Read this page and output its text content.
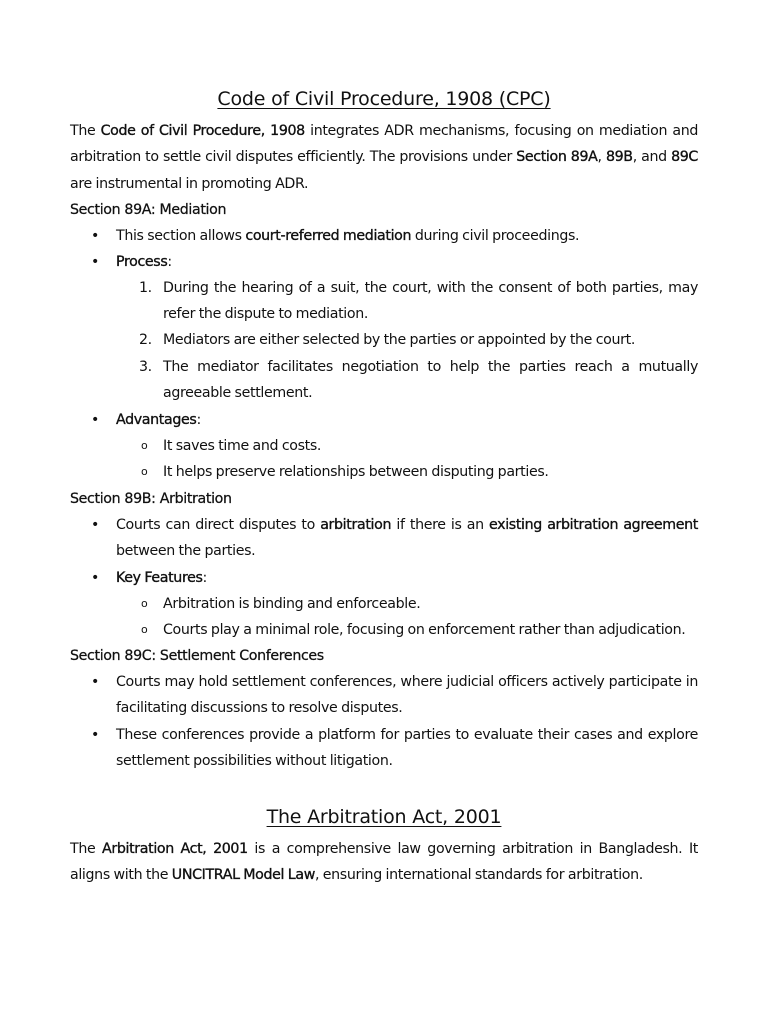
Code of Civil Procedure, 1908 (CPC)

The Code of Civil Procedure, 1908 integrates ADR mechanisms, focusing on mediation and arbitration to settle civil disputes efficiently. The provisions under Section 89A, 89B, and 89C are instrumental in promoting ADR.

Section 89A: Mediation
• This section allows court-referred mediation during civil proceedings.
• Process:
1. During the hearing of a suit, the court, with the consent of both parties, may refer the dispute to mediation.
2. Mediators are either selected by the parties or appointed by the court.
3. The mediator facilitates negotiation to help the parties reach a mutually agreeable settlement.
• Advantages:
o It saves time and costs.
o It helps preserve relationships between disputing parties.
Section 89B: Arbitration
• Courts can direct disputes to arbitration if there is an existing arbitration agreement between the parties.
• Key Features:
o Arbitration is binding and enforceable.
o Courts play a minimal role, focusing on enforcement rather than adjudication.
Section 89C: Settlement Conferences
• Courts may hold settlement conferences, where judicial officers actively participate in facilitating discussions to resolve disputes.
• These conferences provide a platform for parties to evaluate their cases and explore settlement possibilities without litigation.
The Arbitration Act, 2001

The Arbitration Act, 2001 is a comprehensive law governing arbitration in Bangladesh. It aligns with the UNCITRAL Model Law, ensuring international standards for arbitration.
